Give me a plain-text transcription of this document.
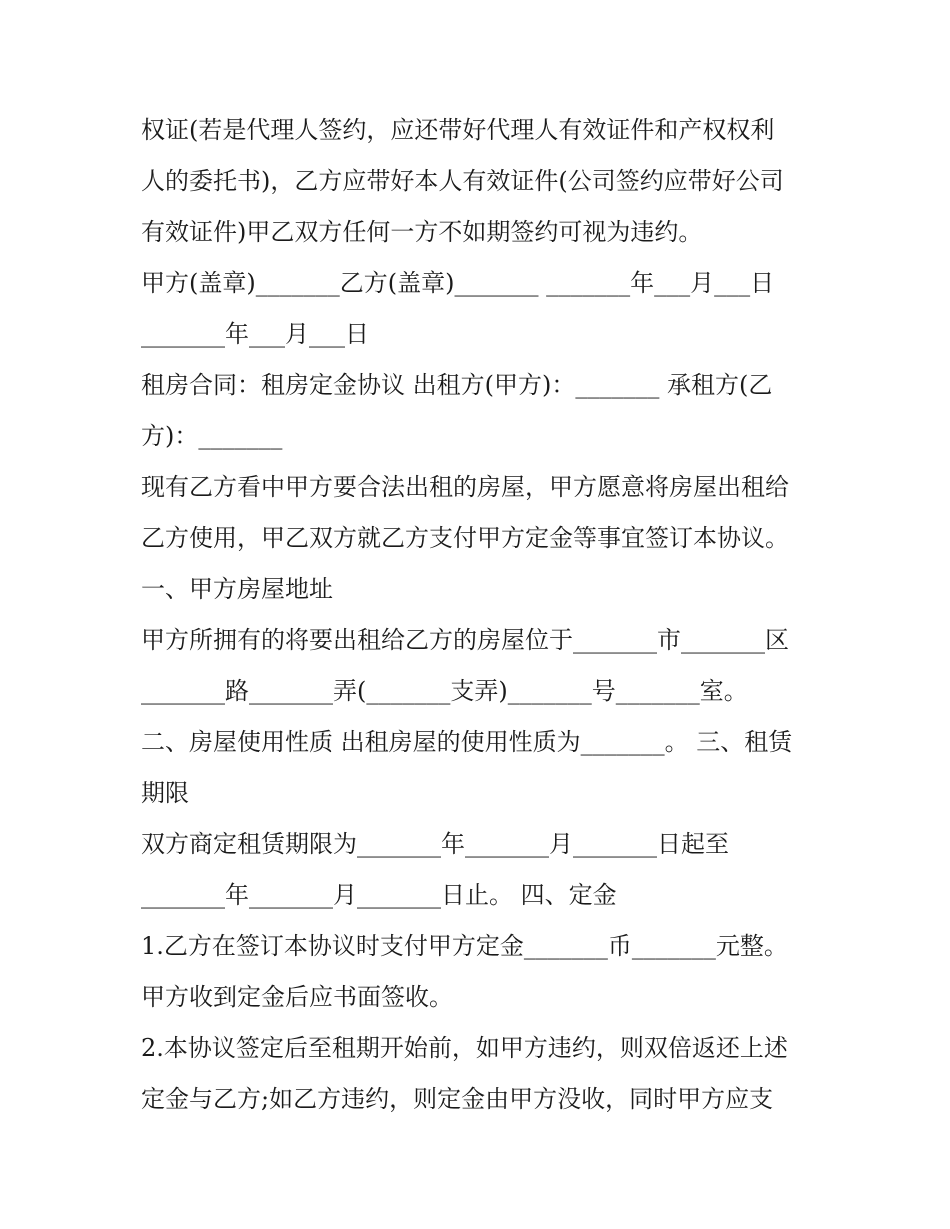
权证(若是代理人签约，应还带好代理人有效证件和产权权利
人的委托书)，乙方应带好本人有效证件(公司签约应带好公司
有效证件)甲乙双方任何一方不如期签约可视为违约。
甲方(盖章)_______乙方(盖章)_______ _______年___月___日
_______年___月___日
租房合同：租房定金协议 出租方(甲方)：_______ 承租方(乙
方)：_______
现有乙方看中甲方要合法出租的房屋，甲方愿意将房屋出租给
乙方使用，甲乙双方就乙方支付甲方定金等事宜签订本协议。
一、甲方房屋地址
甲方所拥有的将要出租给乙方的房屋位于_______市_______区
_______路_______弄(_______支弄)_______号_______室。
二、房屋使用性质 出租房屋的使用性质为_______。 三、租赁
期限
双方商定租赁期限为_______年_______月_______日起至
_______年_______月_______日止。 四、定金
1.乙方在签订本协议时支付甲方定金_______币_______元整。
甲方收到定金后应书面签收。
2.本协议签定后至租期开始前，如甲方违约，则双倍返还上述
定金与乙方;如乙方违约，则定金由甲方没收，同时甲方应支
